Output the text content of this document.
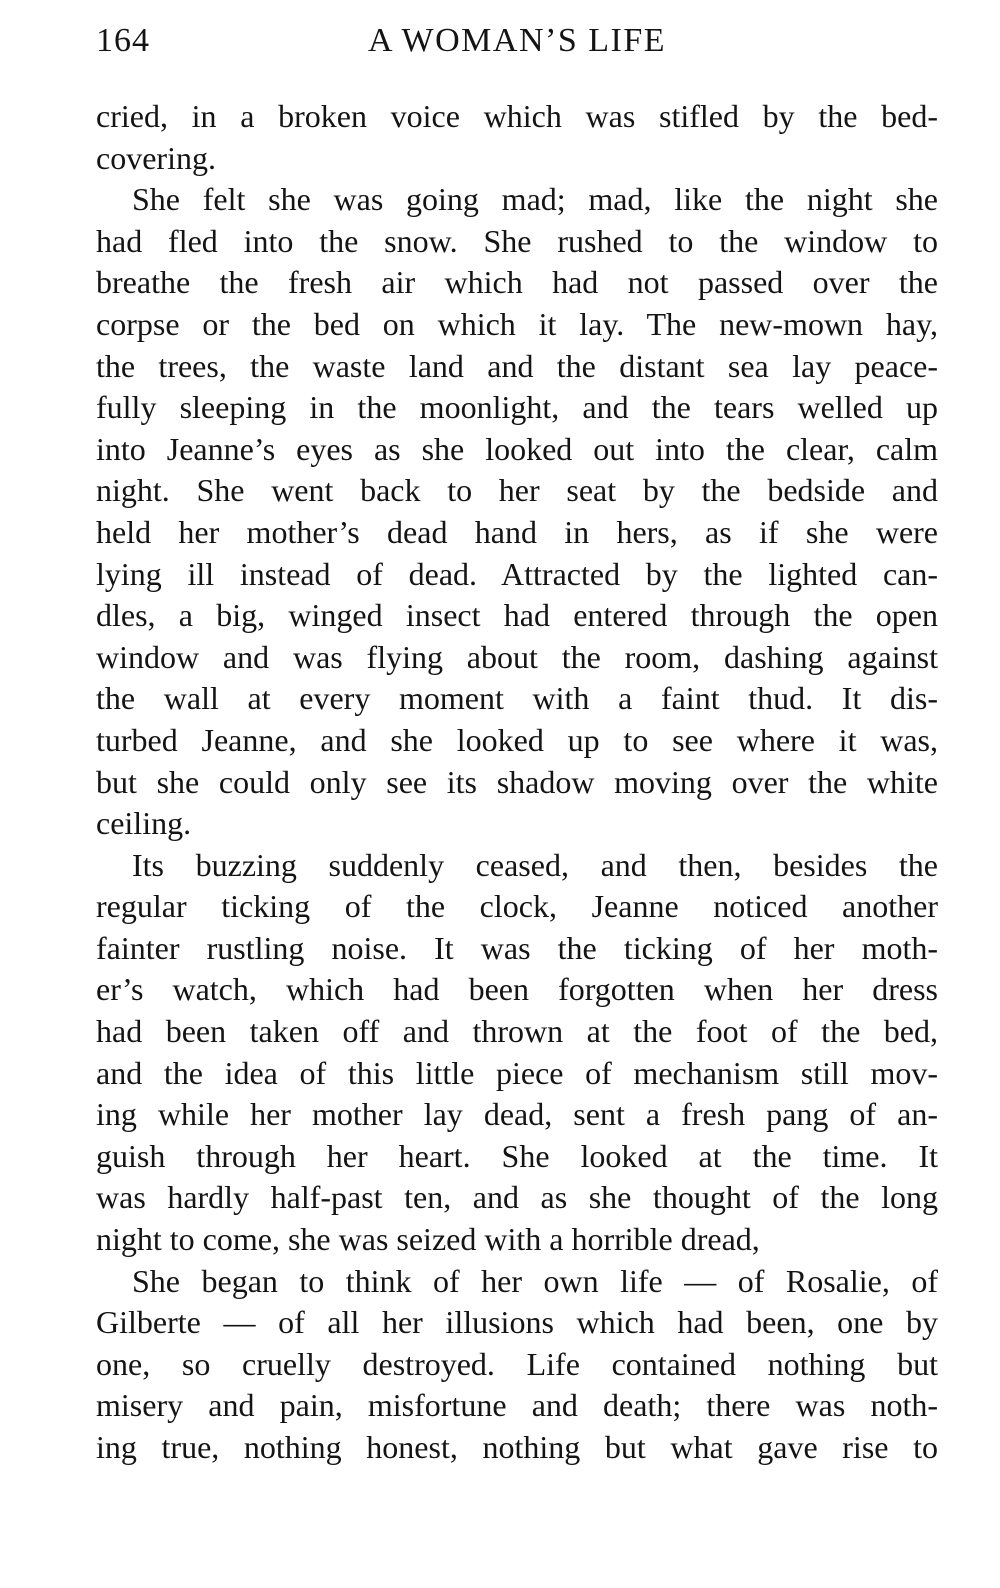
164	A WOMAN’S LIFE
cried, in a broken voice which was stifled by the bed-
covering.
She felt she was going mad; mad, like the night she
had fled into the snow. She rushed to the window to
breathe the fresh air which had not passed over the
corpse or the bed on which it lay. The new-mown hay,
the trees, the waste land and the distant sea lay peace-
fully sleeping in the moonlight, and the tears welled up
into Jeanne’s eyes as she looked out into the clear, calm
night. She went back to her seat by the bedside and
held her mother’s dead hand in hers, as if she were
lying ill instead of dead. Attracted by the lighted can-
dles, a big, winged insect had entered through the open
window and was flying about the room, dashing against
the wall at every moment with a faint thud. It dis-
turbed Jeanne, and she looked up to see where it was,
but she could only see its shadow moving over the white
ceiling.
Its buzzing suddenly ceased, and then, besides the
regular ticking of the clock, Jeanne noticed another
fainter rustling noise. It was the ticking of her moth-
er’s watch, which had been forgotten when her dress
had been taken off and thrown at the foot of the bed,
and the idea of this little piece of mechanism still mov-
ing while her mother lay dead, sent a fresh pang of an-
guish through her heart. She looked at the time. It
was hardly half-past ten, and as she thought of the long
night to come, she was seized with a horrible dread,
She began to think of her own life — of Rosalie, of
Gilberte — of all her illusions which had been, one by
one, so cruelly destroyed. Life contained nothing but
misery and pain, misfortune and death; there was noth-
ing true, nothing honest, nothing but what gave rise to
